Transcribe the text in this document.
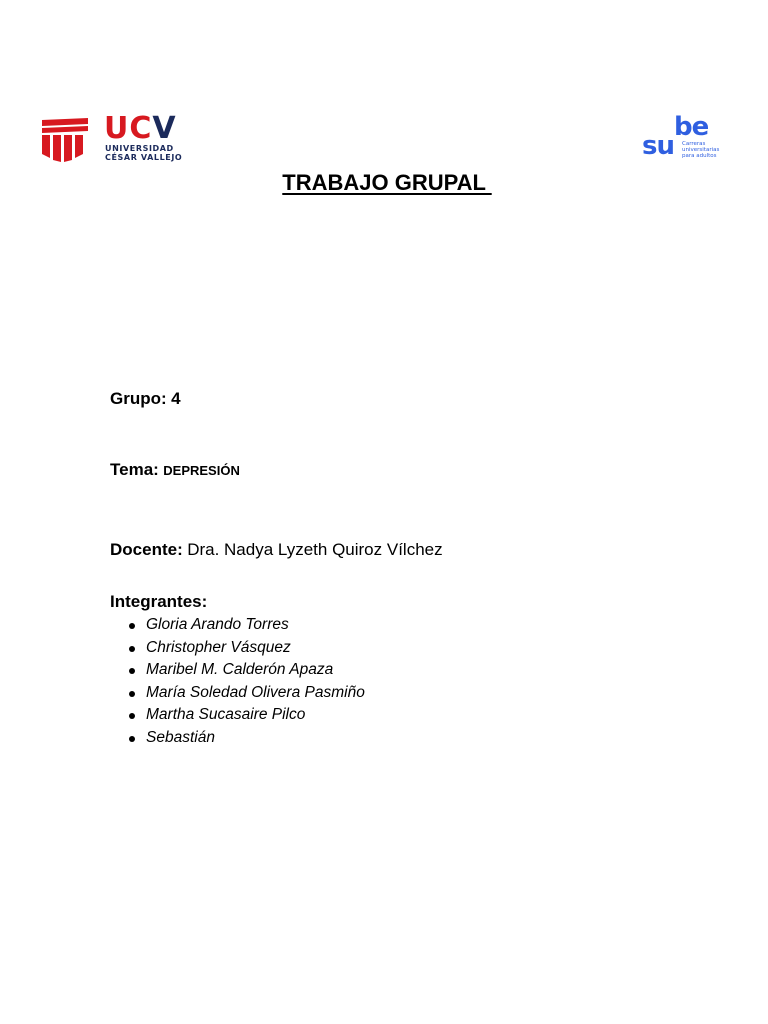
UCV
UNIVERSIDAD
CÉSAR VALLEJO
be
su Carreras
universitarias
para adultos
TRABAJO GRUPAL
Grupo: 4
Tema: DEPRESIÓN
Docente: Dra. Nadya Lyzeth Quiroz Vílchez
Integrantes:
Gloria Arando Torres
Christopher Vásquez
Maribel M. Calderón Apaza
María Soledad Olivera Pasmiño
Martha Sucasaire Pilco
Sebastián
